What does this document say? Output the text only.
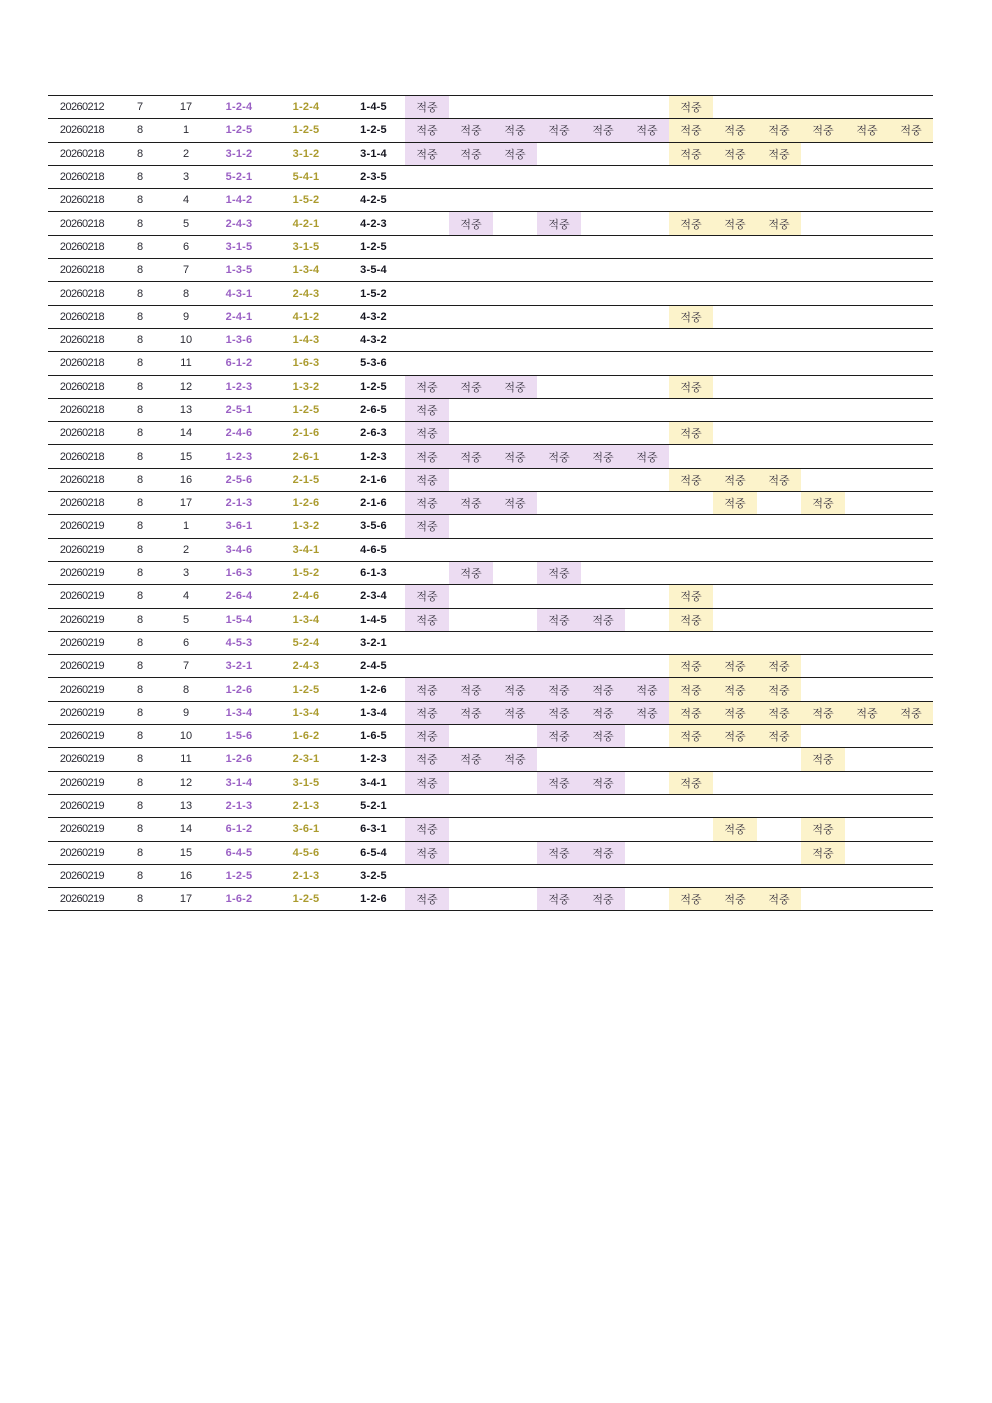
20260212	7	17	1-2-4	1-2-4	1-4-5	적중						적중					
20260218	8	1	1-2-5	1-2-5	1-2-5	적중	적중	적중	적중	적중	적중	적중	적중	적중	적중	적중	적중
20260218	8	2	3-1-2	3-1-2	3-1-4	적중	적중	적중				적중	적중	적중			
20260218	8	3	5-2-1	5-4-1	2-3-5												
20260218	8	4	1-4-2	1-5-2	4-2-5												
20260218	8	5	2-4-3	4-2-1	4-2-3		적중		적중			적중	적중	적중			
20260218	8	6	3-1-5	3-1-5	1-2-5												
20260218	8	7	1-3-5	1-3-4	3-5-4												
20260218	8	8	4-3-1	2-4-3	1-5-2												
20260218	8	9	2-4-1	4-1-2	4-3-2							적중					
20260218	8	10	1-3-6	1-4-3	4-3-2												
20260218	8	11	6-1-2	1-6-3	5-3-6												
20260218	8	12	1-2-3	1-3-2	1-2-5	적중	적중	적중				적중					
20260218	8	13	2-5-1	1-2-5	2-6-5	적중											
20260218	8	14	2-4-6	2-1-6	2-6-3	적중						적중					
20260218	8	15	1-2-3	2-6-1	1-2-3	적중	적중	적중	적중	적중	적중						
20260218	8	16	2-5-6	2-1-5	2-1-6	적중						적중	적중	적중			
20260218	8	17	2-1-3	1-2-6	2-1-6	적중	적중	적중					적중		적중		
20260219	8	1	3-6-1	1-3-2	3-5-6	적중											
20260219	8	2	3-4-6	3-4-1	4-6-5												
20260219	8	3	1-6-3	1-5-2	6-1-3		적중		적중								
20260219	8	4	2-6-4	2-4-6	2-3-4	적중						적중					
20260219	8	5	1-5-4	1-3-4	1-4-5	적중			적중	적중		적중					
20260219	8	6	4-5-3	5-2-4	3-2-1												
20260219	8	7	3-2-1	2-4-3	2-4-5							적중	적중	적중			
20260219	8	8	1-2-6	1-2-5	1-2-6	적중	적중	적중	적중	적중	적중	적중	적중	적중			
20260219	8	9	1-3-4	1-3-4	1-3-4	적중	적중	적중	적중	적중	적중	적중	적중	적중	적중	적중	적중
20260219	8	10	1-5-6	1-6-2	1-6-5	적중			적중	적중		적중	적중	적중			
20260219	8	11	1-2-6	2-3-1	1-2-3	적중	적중	적중							적중		
20260219	8	12	3-1-4	3-1-5	3-4-1	적중			적중	적중		적중					
20260219	8	13	2-1-3	2-1-3	5-2-1												
20260219	8	14	6-1-2	3-6-1	6-3-1	적중							적중		적중		
20260219	8	15	6-4-5	4-5-6	6-5-4	적중			적중	적중					적중		
20260219	8	16	1-2-5	2-1-3	3-2-5												
20260219	8	17	1-6-2	1-2-5	1-2-6	적중			적중	적중		적중	적중	적중			
